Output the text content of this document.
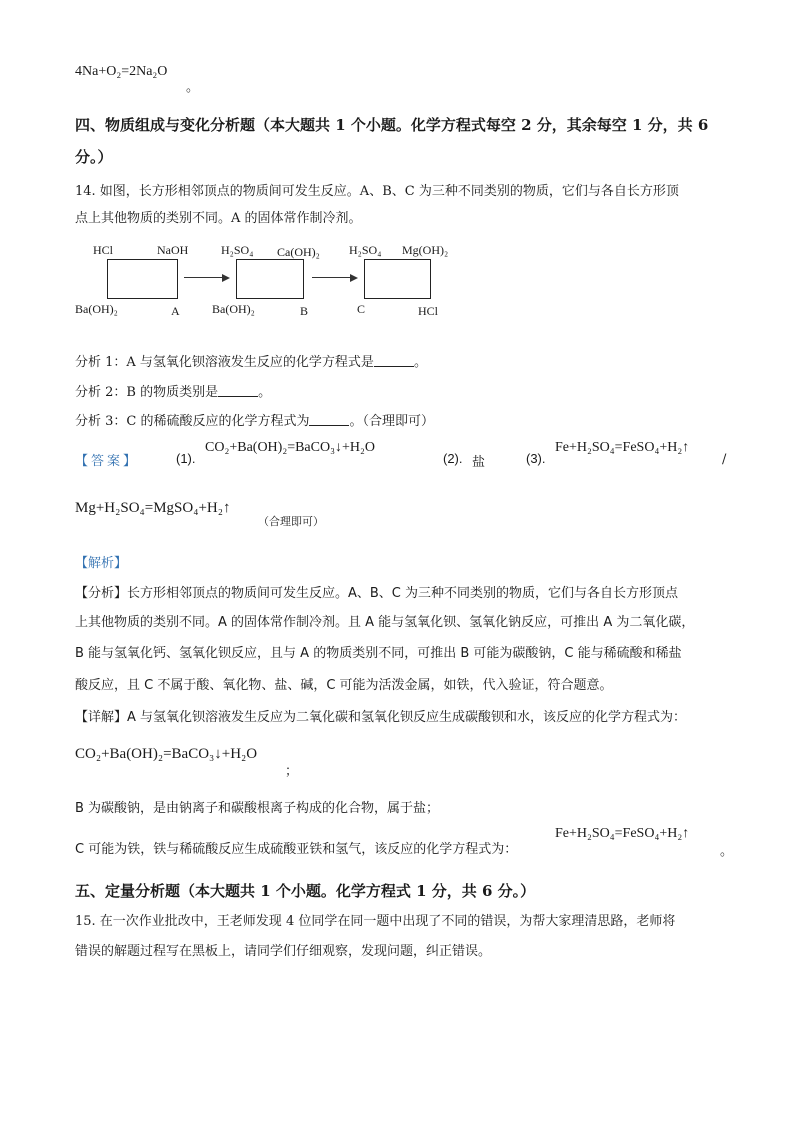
4Na+O₂=2Na₂O
。
四、物质组成与变化分析题（本大题共 1 个小题。化学方程式每空 2 分，其余每空 1 分，共 6
分。）
14. 如图，长方形相邻顶点的物质间可发生反应。A、B、C 为三种不同类别的物质，它们与各自长方形顶
点上其他物质的类别不同。A 的固体常作制冷剂。
HCl	NaOH
Ba(OH)₂	A
H₂SO₄ Ca(OH)₂
Ba(OH)₂	B
H₂SO₄ Mg(OH)₂
C	HCl
分析 1：A 与氢氧化钡溶液发生反应的化学方程式是	。
分析 2：B 的物质类别是	。
分析 3：C 的稀硫酸反应的化学方程式为	。（合理即可）
【答案】	(1).
CO₂+Ba(OH)₂=BaCO₃↓+H₂O
(2). 盐	(3).
Fe+H₂SO₄=FeSO₄+H₂↑
/
Mg+H₂SO₄=MgSO₄+H₂↑
（合理即可）
【解析】
【分析】长方形相邻顶点的物质间可发生反应。A、B、C 为三种不同类别的物质，它们与各自长方形顶点
上其他物质的类别不同。A 的固体常作制冷剂。且 A 能与氢氧化钡、氢氧化钠反应，可推出 A 为二氧化碳，
B 能与氢氧化钙、氢氧化钡反应，且与 A 的物质类别不同，可推出 B 可能为碳酸钠，C 能与稀硫酸和稀盐
酸反应，且 C 不属于酸、氧化物、盐、碱，C 可能为活泼金属，如铁，代入验证，符合题意。
【详解】A 与氢氧化钡溶液发生反应为二氧化碳和氢氧化钡反应生成碳酸钡和水，该反应的化学方程式为：
CO₂+Ba(OH)₂=BaCO₃↓+H₂O
；
B 为碳酸钠，是由钠离子和碳酸根离子构成的化合物，属于盐；
C 可能为铁，铁与稀硫酸反应生成硫酸亚铁和氢气，该反应的化学方程式为：
Fe+H₂SO₄=FeSO₄+H₂↑
。
五、定量分析题（本大题共 1 个小题。化学方程式 1 分，共 6 分。）
15. 在一次作业批改中，王老师发现 4 位同学在同一题中出现了不同的错误，为帮大家理清思路，老师将
错误的解题过程写在黑板上，请同学们仔细观察，发现问题，纠正错误。
